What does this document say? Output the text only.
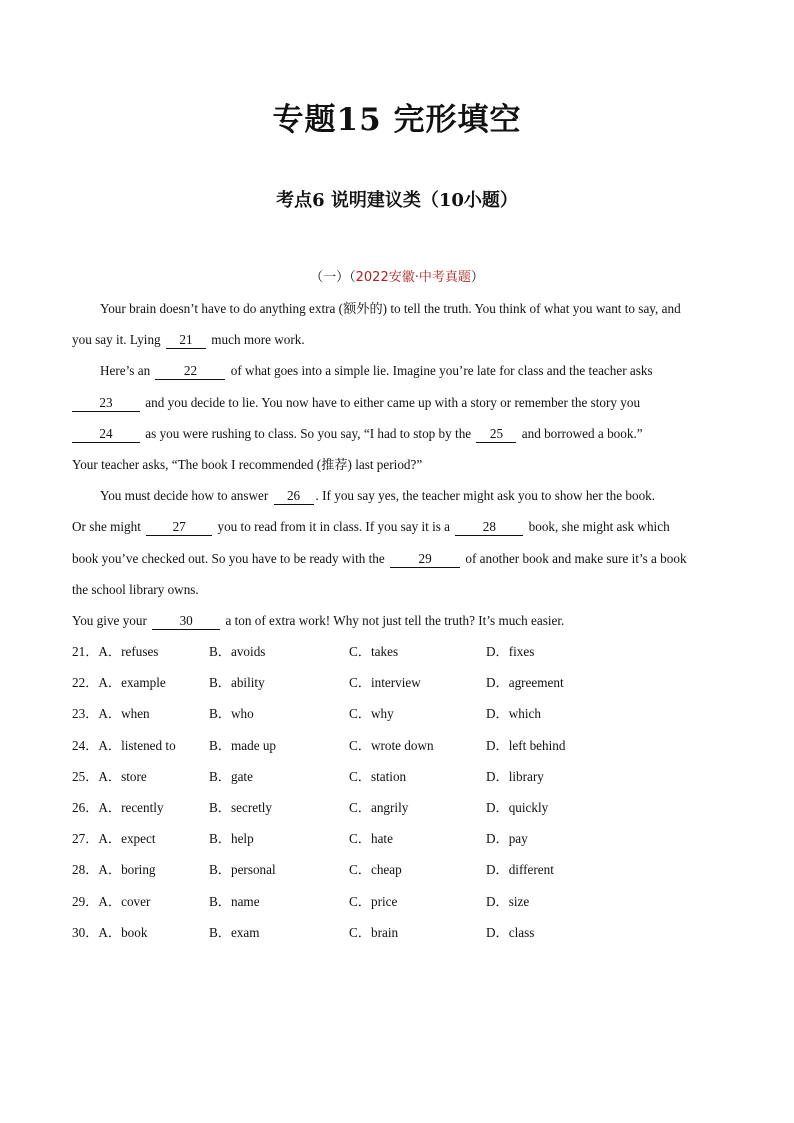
专题15 完形填空
考点6 说明建议类（10小题）
（一）（2022安徽·中考真题）
Your brain doesn’t have to do anything extra (额外的) to tell the truth. You think of what you want to say, and
you say it. Lying 21 much more work.
Here’s an 22 of what goes into a simple lie. Imagine you’re late for class and the teacher asks
23 and you decide to lie. You now have to either came up with a story or remember the story you
24 as you were rushing to class. So you say, “I had to stop by the 25 and borrowed a book.”
Your teacher asks, “The book I recommended (推荐) last period?”
You must decide how to answer 26 . If you say yes, the teacher might ask you to show her the book.
Or she might 27 you to read from it in class. If you say it is a 28 book, she might ask which
book you’ve checked out. So you have to be ready with the 29 of another book and make sure it’s a book
the school library owns.
You give your 30 a ton of extra work! Why not just tell the truth? It’s much easier.
21．A．refuses	B．avoids	C．takes	D．fixes
22．A．example	B．ability	C．interview	D．agreement
23．A．when	B．who	C．why	D．which
24．A．listened to	B．made up	C．wrote down	D．left behind
25．A．store	B．gate	C．station	D．library
26．A．recently	B．secretly	C．angrily	D．quickly
27．A．expect	B．help	C．hate	D．pay
28．A．boring	B．personal	C．cheap	D．different
29．A．cover	B．name	C．price	D．size
30．A．book	B．exam	C．brain	D．class
